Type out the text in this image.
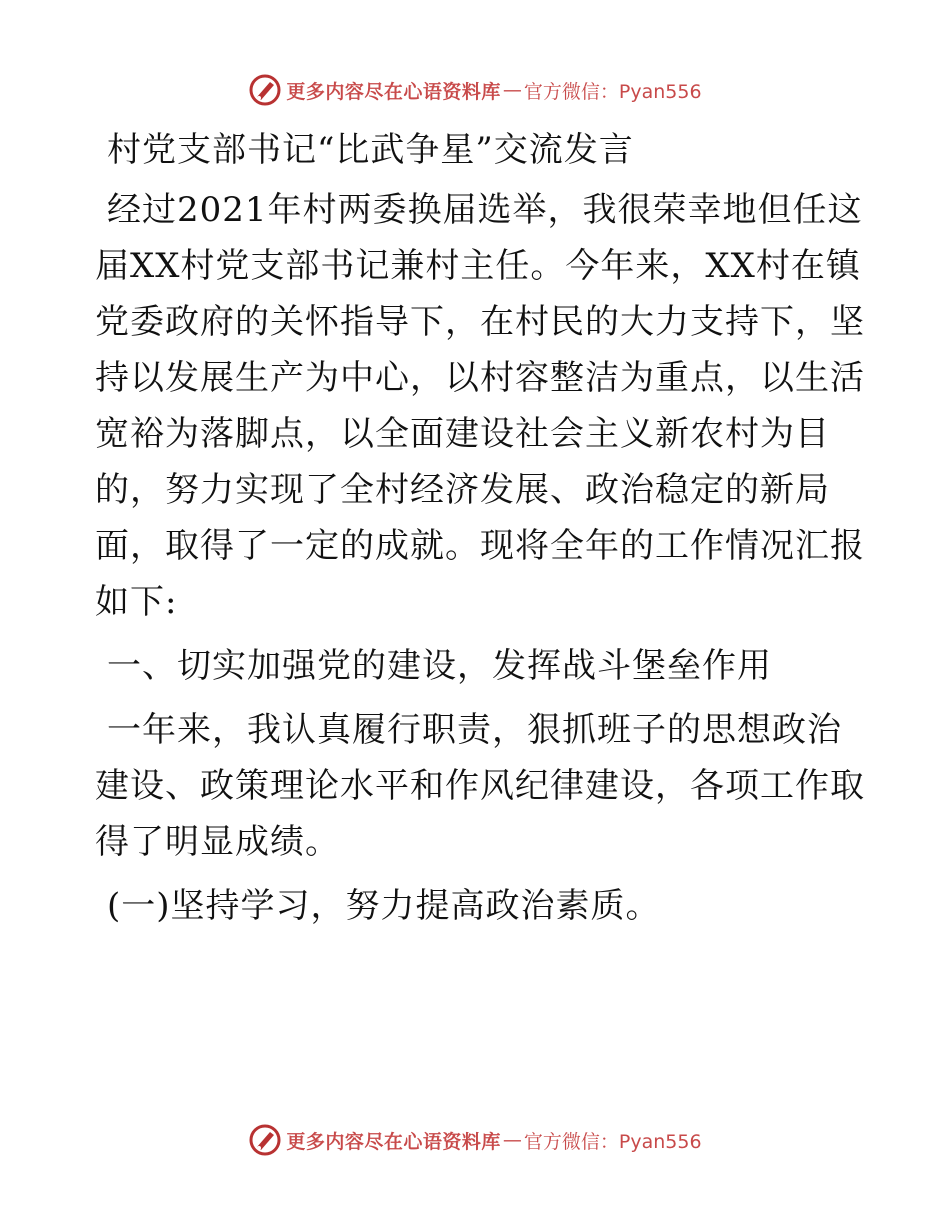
更多内容尽在心语资料库 — 官方微信：Pyan556
村党支部书记“比武争星”交流发言
经过2021年村两委换届选举，我很荣幸地但任这
届XX村党支部书记兼村主任。今年来，XX村在镇
党委政府的关怀指导下，在村民的大力支持下，坚
持以发展生产为中心，以村容整洁为重点，以生活
宽裕为落脚点，以全面建设社会主义新农村为目
的，努力实现了全村经济发展、政治稳定的新局
面，取得了一定的成就。现将全年的工作情况汇报
如下:
一、切实加强党的建设，发挥战斗堡垒作用
一年来，我认真履行职责，狠抓班子的思想政治
建设、政策理论水平和作风纪律建设，各项工作取
得了明显成绩。
(一)坚持学习，努力提高政治素质。
更多内容尽在心语资料库 — 官方微信：Pyan556
